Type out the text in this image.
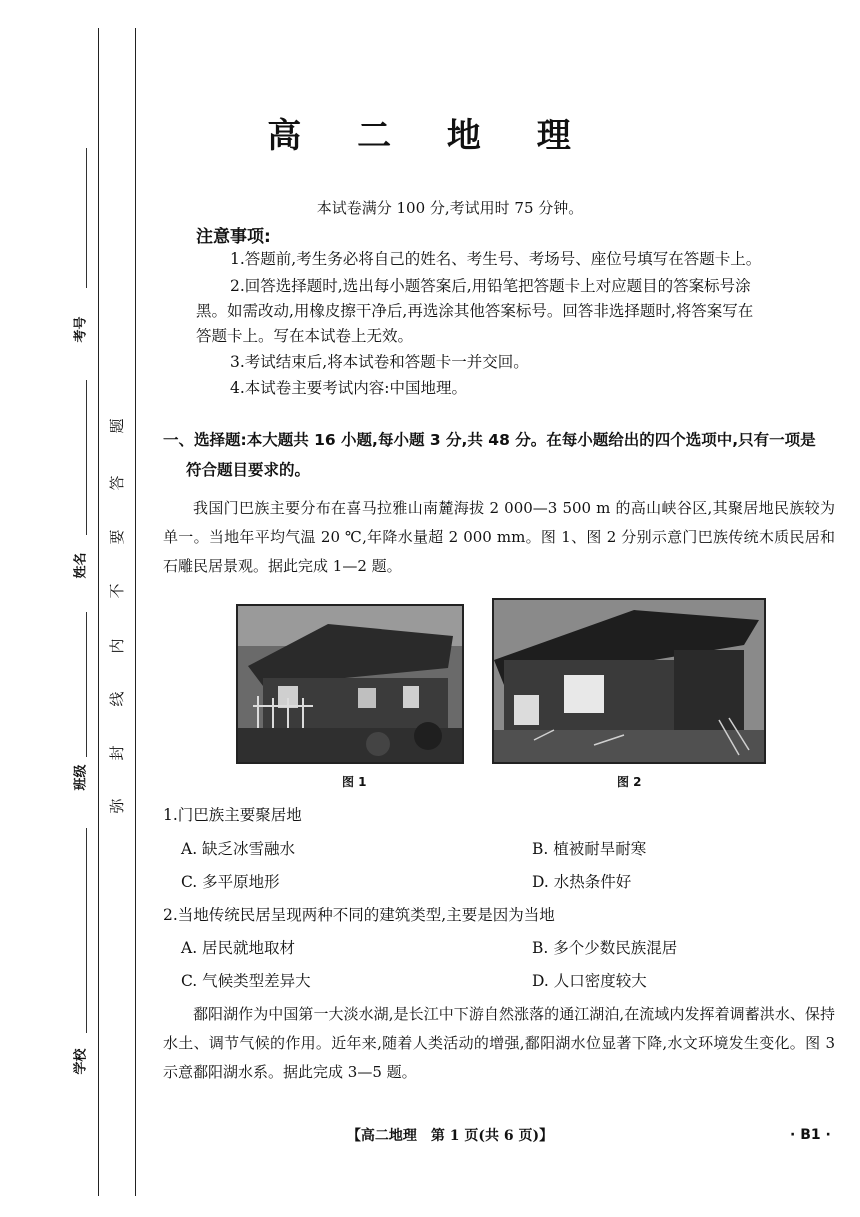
考号
姓名
班级
学校
题
答
要
不
内
线
封
弥
高 二 地 理
本试卷满分 100 分,考试用时 75 分钟。
注意事项:
1.答题前,考生务必将自己的姓名、考生号、考场号、座位号填写在答题卡上。
2.回答选择题时,选出每小题答案后,用铅笔把答题卡上对应题目的答案标号涂
黑。如需改动,用橡皮擦干净后,再选涂其他答案标号。回答非选择题时,将答案写在
答题卡上。写在本试卷上无效。
3.考试结束后,将本试卷和答题卡一并交回。
4.本试卷主要考试内容:中国地理。
一、选择题:本大题共 16 小题,每小题 3 分,共 48 分。在每小题给出的四个选项中,只有一项是
符合题目要求的。
我国门巴族主要分布在喜马拉雅山南麓海拔 2 000—3 500 m 的高山峡谷区,其聚居地民族较为单一。当地年平均气温 20 ℃,年降水量超 2 000 mm。图 1、图 2 分别示意门巴族传统木质民居和石雕民居景观。据此完成 1—2 题。
图 1	图 2
1.门巴族主要聚居地
A. 缺乏冰雪融水	B. 植被耐旱耐寒
C. 多平原地形	D. 水热条件好
2.当地传统民居呈现两种不同的建筑类型,主要是因为当地
A. 居民就地取材	B. 多个少数民族混居
C. 气候类型差异大	D. 人口密度较大
鄱阳湖作为中国第一大淡水湖,是长江中下游自然涨落的通江湖泊,在流域内发挥着调蓄洪水、保持水土、调节气候的作用。近年来,随着人类活动的增强,鄱阳湖水位显著下降,水文环境发生变化。图 3 示意鄱阳湖水系。据此完成 3—5 题。
【高二地理　第 1 页(共 6 页)】	· B1 ·
